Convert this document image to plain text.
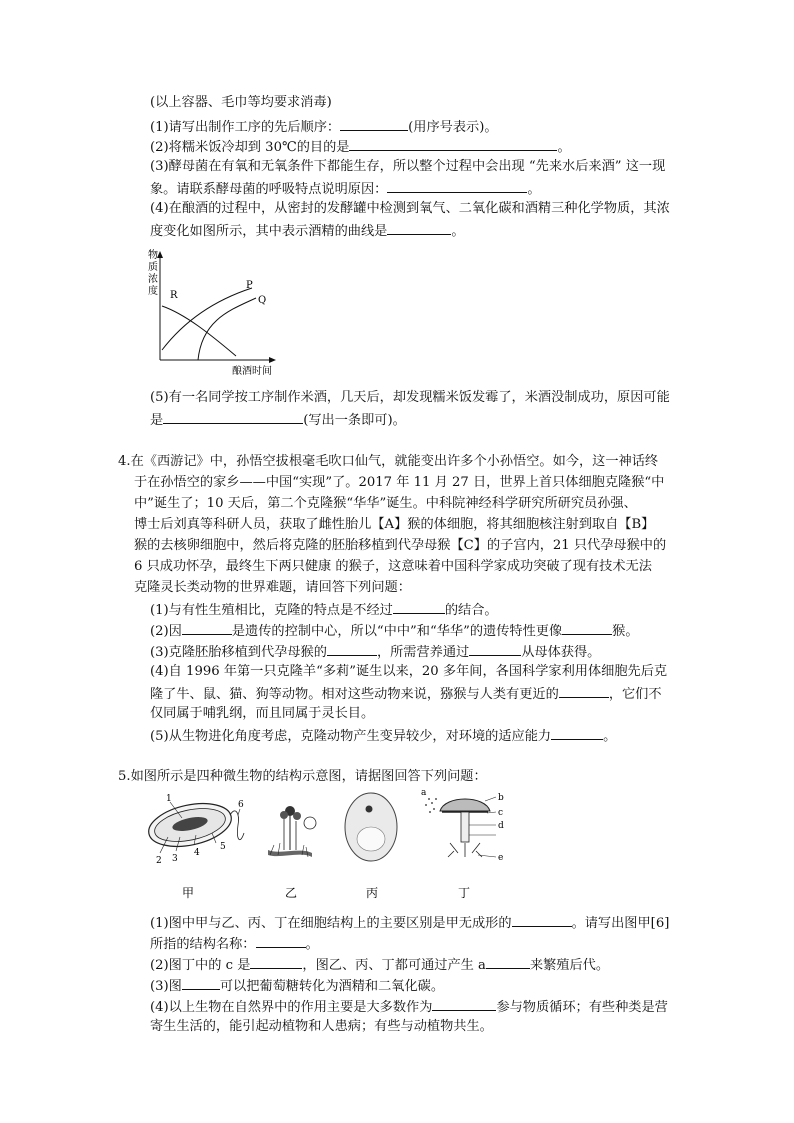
(以上容器、毛巾等均要求消毒)
(1)请写出制作工序的先后顺序：	(用序号表示)。
(2)将糯米饭冷却到 30℃的目的是	。
(3)酵母菌在有氧和无氧条件下都能生存，所以整个过程中会出现 “先来水后来酒” 这一现
象。请联系酵母菌的呼吸特点说明原因：	。
(4)在酿酒的过程中，从密封的发酵罐中检测到氧气、二氧化碳和酒精三种化学物质，其浓
度变化如图所示，其中表示酒精的曲线是	。
物
质
浓
度 R
P
Q
酿酒时间
(5)有一名同学按工序制作米酒，几天后，却发现糯米饭发霉了，米酒没制成功，原因可能
是	(写出一条即可)。
4.在《西游记》中，孙悟空拔根毫毛吹口仙气，就能变出许多个小孙悟空。如今，这一神话终
于在孙悟空的家乡——中国“实现”了。2017 年 11 月 27 日，世界上首只体细胞克隆猴“中
中”诞生了；10 天后，第二个克隆猴“华华”诞生。中科院神经科学研究所研究员孙强、
博士后刘真等科研人员，获取了雌性胎儿【A】猴的体细胞，将其细胞核注射到取自【B】
猴的去核卵细胞中，然后将克隆的胚胎移植到代孕母猴【C】的子宫内，21 只代孕母猴中的
6 只成功怀孕，最终生下两只健康 的猴子，这意味着中国科学家成功突破了现有技术无法
克隆灵长类动物的世界难题，请回答下列问题：
(1)与有性生殖相比，克隆的特点是不经过	的结合。
(2)因	是遗传的控制中心，所以“中中”和“华华”的遗传特性更像	猴。
(3)克隆胚胎移植到代孕母猴的	，所需营养通过	从母体获得。
(4)自 1996 年第一只克隆羊“多莉”诞生以来，20 多年间，各国科学家利用体细胞先后克
隆了牛、鼠、猫、狗等动物。相对这些动物来说，猕猴与人类有更近的	，它们不
仅同属于哺乳纲，而且同属于灵长目。
(5)从生物进化角度考虑，克隆动物产生变异较少，对环境的适应能力	。
5.如图所示是四种微生物的结构示意图，请据图回答下列问题：
1
2 3
4
5
6
a	b
c
d
e
甲	乙	丙	丁
(1)图中甲与乙、丙、丁在细胞结构上的主要区别是甲无成形的	。请写出图甲[6]
所指的结构名称：	。
(2)图丁中的 c 是	，图乙、丙、丁都可通过产生 a	来繁殖后代。
(3)图	可以把葡萄糖转化为酒精和二氧化碳。
(4)以上生物在自然界中的作用主要是大多数作为	参与物质循环；有些种类是营
寄生生活的，能引起动植物和人患病；有些与动植物共生。
